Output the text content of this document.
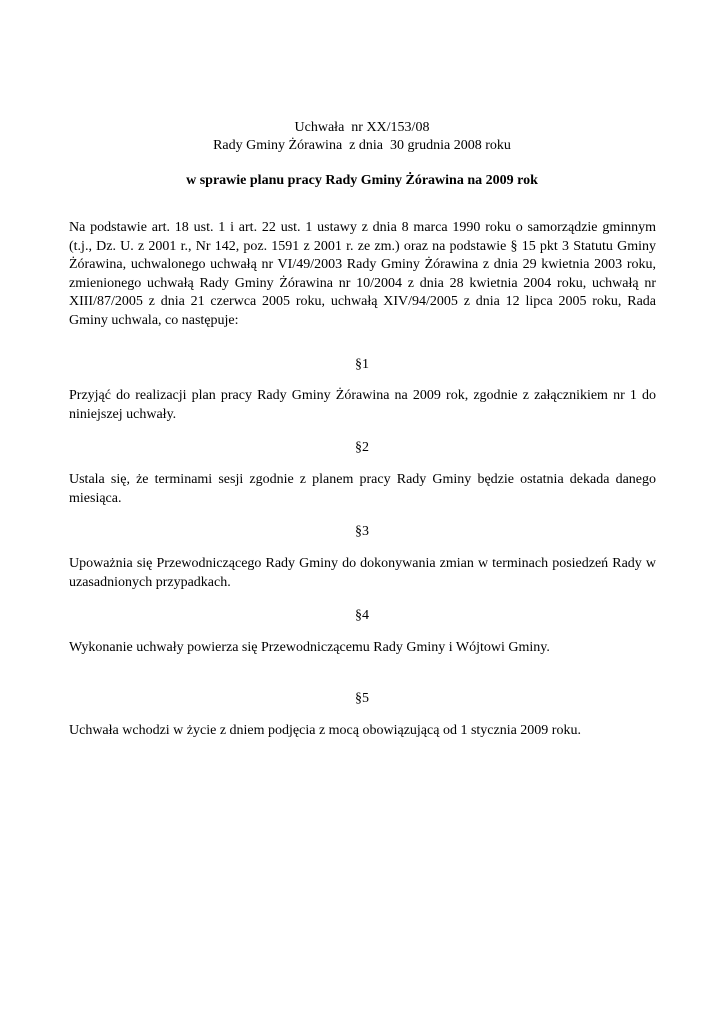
Uchwała  nr XX/153/08
Rady Gminy Żórawina  z dnia  30 grudnia 2008 roku
w sprawie planu pracy Rady Gminy Żórawina na 2009 rok

Na podstawie art. 18 ust. 1 i art. 22 ust. 1 ustawy z dnia 8 marca 1990 roku o samorządzie gminnym (t.j., Dz. U. z 2001 r., Nr 142, poz. 1591 z 2001 r. ze zm.) oraz na podstawie § 15 pkt 3 Statutu Gminy Żórawina, uchwalonego uchwałą nr VI/49/2003 Rady Gminy Żórawina z dnia 29 kwietnia 2003 roku, zmienionego uchwałą Rady Gminy Żórawina nr 10/2004 z dnia 28 kwietnia 2004 roku, uchwałą nr XIII/87/2005 z dnia 21 czerwca 2005 roku, uchwałą XIV/94/2005 z dnia 12 lipca 2005 roku, Rada Gminy uchwala, co następuje:

§1

Przyjąć do realizacji plan pracy Rady Gminy Żórawina na 2009 rok, zgodnie z załącznikiem nr 1 do niniejszej uchwały.

§2

Ustala się, że terminami sesji zgodnie z planem pracy Rady Gminy będzie ostatnia dekada danego miesiąca.

§3

Upoważnia się Przewodniczącego Rady Gminy do dokonywania zmian w terminach posiedzeń Rady w uzasadnionych przypadkach.

§4

Wykonanie uchwały powierza się Przewodniczącemu Rady Gminy i Wójtowi Gminy.

§5

Uchwała wchodzi w życie z dniem podjęcia z mocą obowiązującą od 1 stycznia 2009 roku.
